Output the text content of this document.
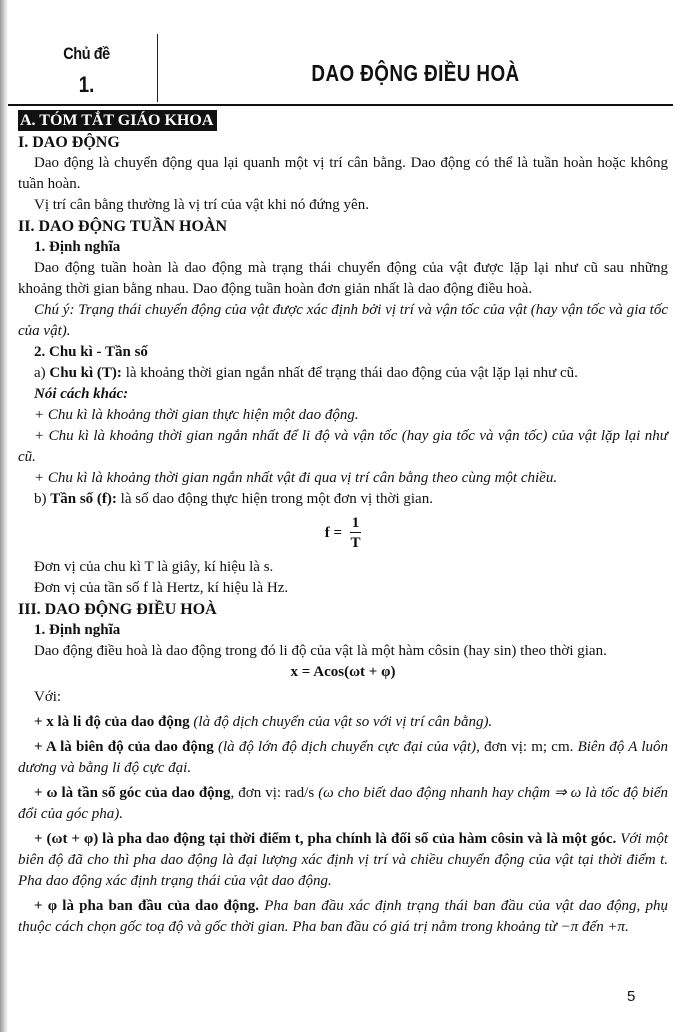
Chủ đề
1.	DAO ĐỘNG ĐIỀU HOÀ
A. TÓM TẮT GIÁO KHOA
I. DAO ĐỘNG

Dao động là chuyển động qua lại quanh một vị trí cân bằng. Dao động có thể là tuần hoàn hoặc không tuần hoàn.

Vị trí cân bằng thường là vị trí của vật khi nó đứng yên.

II. DAO ĐỘNG TUẦN HOÀN
1. Định nghĩa

Dao động tuần hoàn là dao động mà trạng thái chuyển động của vật được lặp lại như cũ sau những khoảng thời gian bằng nhau. Dao động tuần hoàn đơn giản nhất là dao động điều hoà.

Chú ý: Trạng thái chuyển động của vật được xác định bởi vị trí và vận tốc của vật (hay vận tốc và gia tốc của vật).

2. Chu kì - Tần số

a) Chu kì (T): là khoảng thời gian ngắn nhất để trạng thái dao động của vật lặp lại như cũ.

Nói cách khác:

+ Chu kì là khoảng thời gian thực hiện một dao động.

+ Chu kì là khoảng thời gian ngắn nhất để li độ và vận tốc (hay gia tốc và vận tốc) của vật lặp lại như cũ.

+ Chu kì là khoảng thời gian ngắn nhất vật đi qua vị trí cân bằng theo cùng một chiều.

b) Tần số (f): là số dao động thực hiện trong một đơn vị thời gian.

$f = \frac{1}{T}$

Đơn vị của chu kì T là giây, kí hiệu là s.

Đơn vị của tần số f là Hertz, kí hiệu là Hz.

III. DAO ĐỘNG ĐIỀU HOÀ
1. Định nghĩa

Dao động điều hoà là dao động trong đó li độ của vật là một hàm côsin (hay sin) theo thời gian.

x = Acos(ωt + φ)

Với:

+ x là li độ của dao động (là độ dịch chuyển của vật so với vị trí cân bằng).

+ A là biên độ của dao động (là độ lớn độ dịch chuyển cực đại của vật), đơn vị: m; cm. Biên độ A luôn dương và bằng li độ cực đại.

+ ω là tần số góc của dao động, đơn vị: rad/s (ω cho biết dao động nhanh hay chậm ⇒ ω là tốc độ biến đổi của góc pha).

+ (ωt + φ) là pha dao động tại thời điểm t, pha chính là đối số của hàm côsin và là một góc. Với một biên độ đã cho thì pha dao động là đại lượng xác định vị trí và chiều chuyển động của vật tại thời điểm t. Pha dao động xác định trạng thái của vật dao động.

+ φ là pha ban đầu của dao động. Pha ban đầu xác định trạng thái ban đầu của vật dao động, phụ thuộc cách chọn gốc toạ độ và gốc thời gian. Pha ban đầu có giá trị nằm trong khoảng từ −π đến +π.

5
